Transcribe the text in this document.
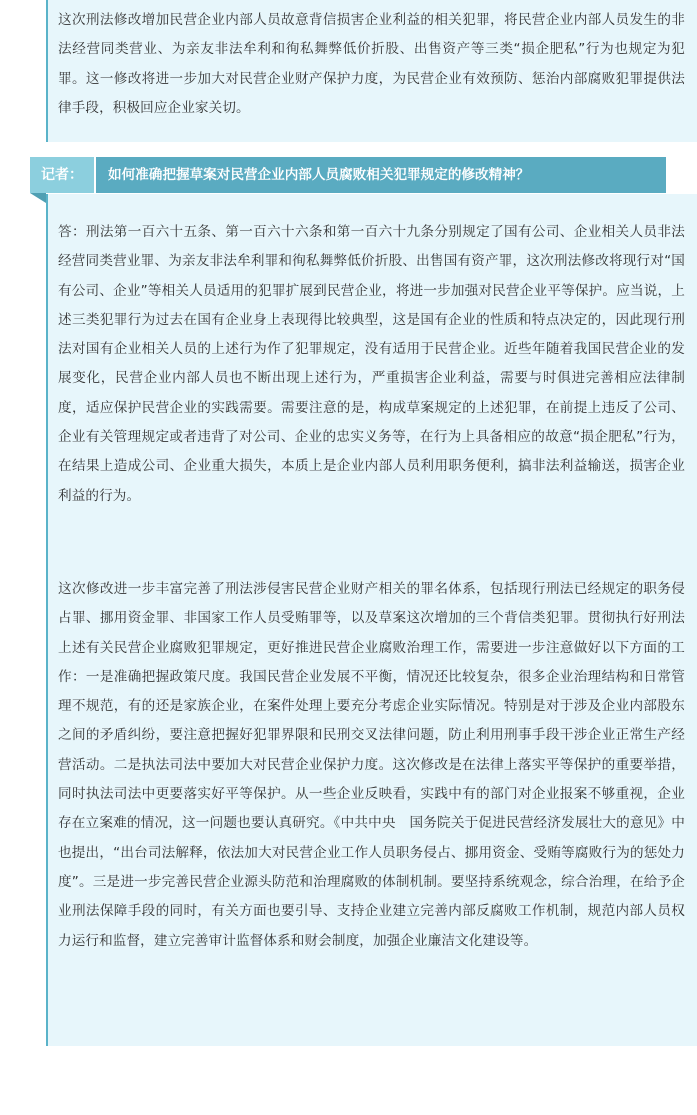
这次刑法修改增加民营企业内部人员故意背信损害企业利益的相关犯罪，将民营企业内部人员发生的非法经营同类营业、为亲友非法牟利和徇私舞弊低价折股、出售资产等三类“损企肥私”行为也规定为犯罪。这一修改将进一步加大对民营企业财产保护力度，为民营企业有效预防、惩治内部腐败犯罪提供法律手段，积极回应企业家关切。

记者：	如何准确把握草案对民营企业内部人员腐败相关犯罪规定的修改精神？

答：刑法第一百六十五条、第一百六十六条和第一百六十九条分别规定了国有公司、企业相关人员非法经营同类营业罪、为亲友非法牟利罪和徇私舞弊低价折股、出售国有资产罪，这次刑法修改将现行对“国有公司、企业”等相关人员适用的犯罪扩展到民营企业，将进一步加强对民营企业平等保护。应当说，上述三类犯罪行为过去在国有企业身上表现得比较典型，这是国有企业的性质和特点决定的，因此现行刑法对国有企业相关人员的上述行为作了犯罪规定，没有适用于民营企业。近些年随着我国民营企业的发展变化，民营企业内部人员也不断出现上述行为，严重损害企业利益，需要与时俱进完善相应法律制度，适应保护民营企业的实践需要。需要注意的是，构成草案规定的上述犯罪，在前提上违反了公司、企业有关管理规定或者违背了对公司、企业的忠实义务等，在行为上具备相应的故意“损企肥私”行为，在结果上造成公司、企业重大损失，本质上是企业内部人员利用职务便利，搞非法利益输送，损害企业利益的行为。

这次修改进一步丰富完善了刑法涉侵害民营企业财产相关的罪名体系，包括现行刑法已经规定的职务侵占罪、挪用资金罪、非国家工作人员受贿罪等，以及草案这次增加的三个背信类犯罪。贯彻执行好刑法上述有关民营企业腐败犯罪规定，更好推进民营企业腐败治理工作，需要进一步注意做好以下方面的工作：一是准确把握政策尺度。我国民营企业发展不平衡，情况还比较复杂，很多企业治理结构和日常管理不规范，有的还是家族企业，在案件处理上要充分考虑企业实际情况。特别是对于涉及企业内部股东之间的矛盾纠纷，要注意把握好犯罪界限和民刑交叉法律问题，防止利用刑事手段干涉企业正常生产经营活动。二是执法司法中要加大对民营企业保护力度。这次修改是在法律上落实平等保护的重要举措，同时执法司法中更要落实好平等保护。从一些企业反映看，实践中有的部门对企业报案不够重视，企业存在立案难的情况，这一问题也要认真研究。《中共中央　国务院关于促进民营经济发展壮大的意见》中也提出，“出台司法解释，依法加大对民营企业工作人员职务侵占、挪用资金、受贿等腐败行为的惩处力度”。三是进一步完善民营企业源头防范和治理腐败的体制机制。要坚持系统观念，综合治理，在给予企业刑法保障手段的同时，有关方面也要引导、支持企业建立完善内部反腐败工作机制，规范内部人员权力运行和监督，建立完善审计监督体系和财会制度，加强企业廉洁文化建设等。
